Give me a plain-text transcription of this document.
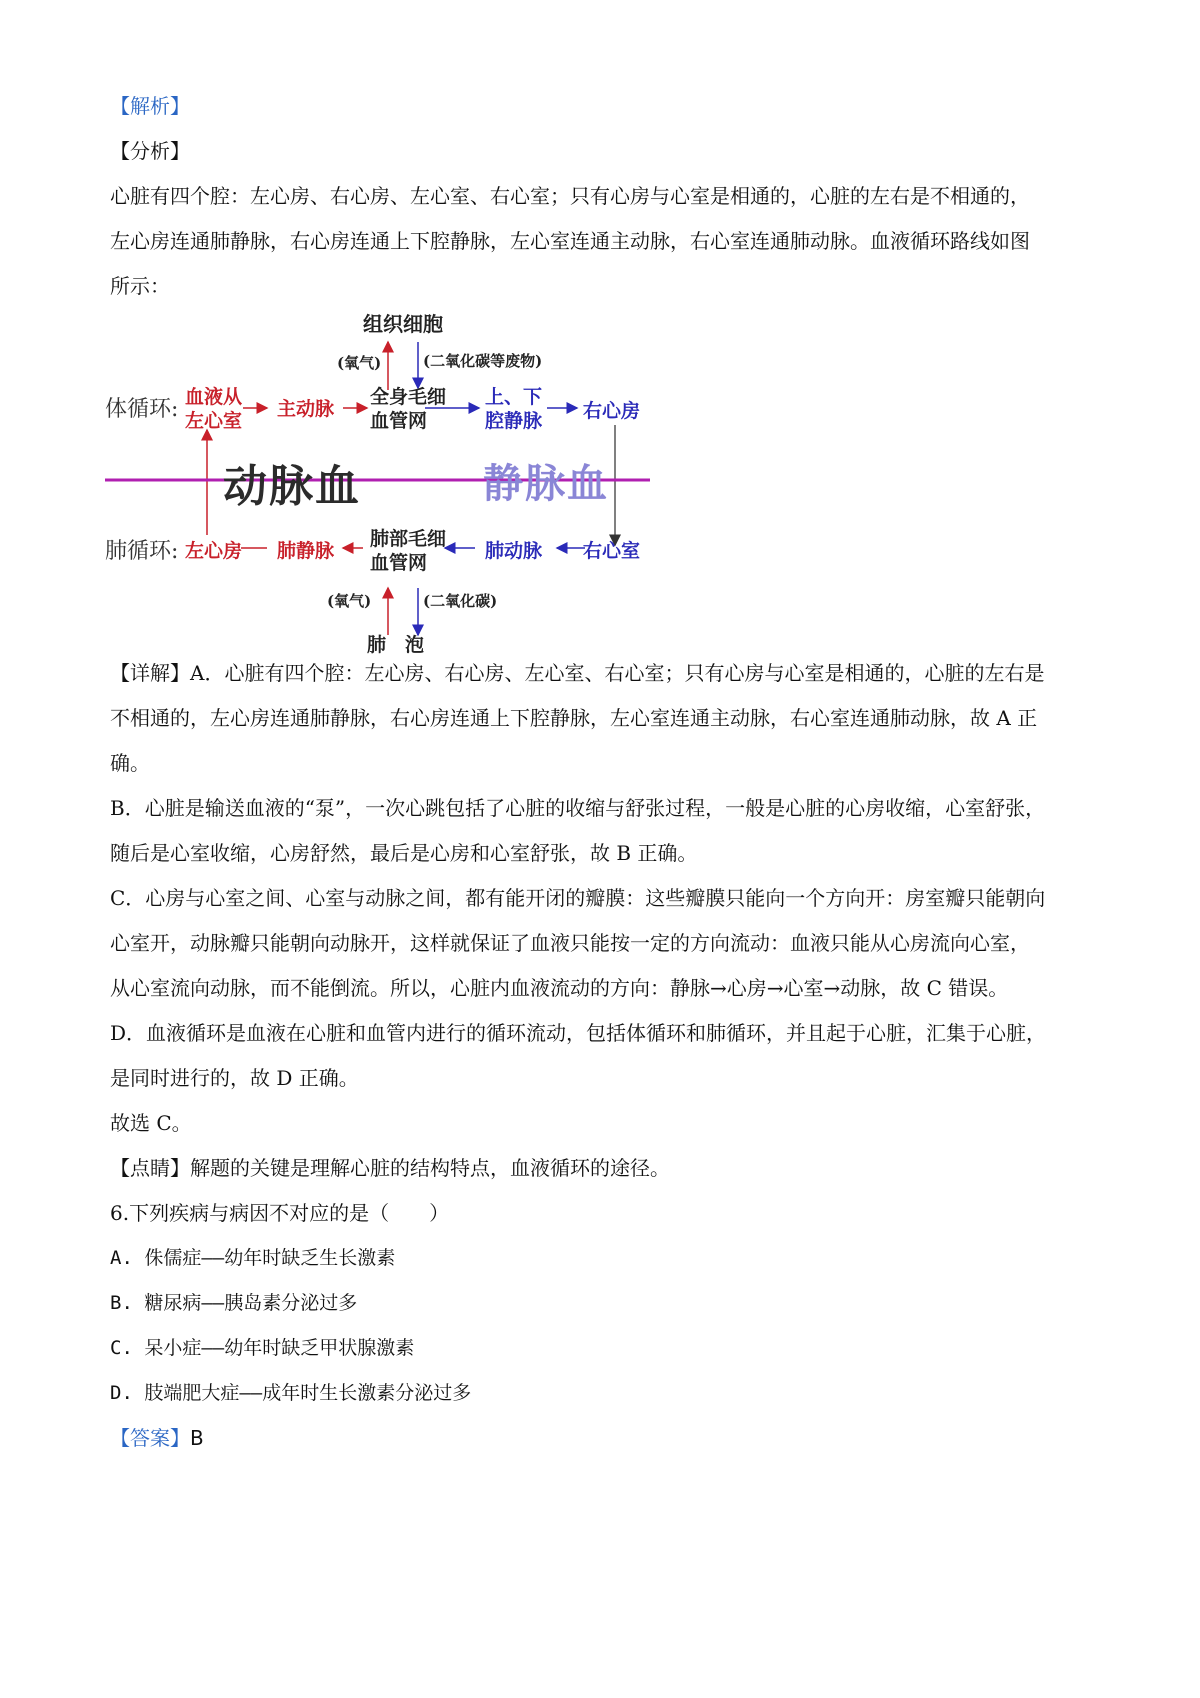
【解析】
【分析】
心脏有四个腔：左心房、右心房、左心室、右心室；只有心房与心室是相通的，心脏的左右是不相通的，
左心房连通肺静脉，右心房连通上下腔静脉，左心室连通主动脉，右心室连通肺动脉。血液循环路线如图
所示：
组织细胞
(氧气)	(二氧化碳等废物)
体循环: 血液从
左心室
主动脉
全身毛细
血管网
上、下
腔静脉 右心房
动脉血	静脉血
肺循环: 左心房 肺静脉
肺部毛细
血管网
肺动脉 右心室
(氧气)	(二氧化碳)
肺 泡
【详解】A．心脏有四个腔：左心房、右心房、左心室、右心室；只有心房与心室是相通的，心脏的左右是
不相通的，左心房连通肺静脉，右心房连通上下腔静脉，左心室连通主动脉，右心室连通肺动脉，故 A 正
确。
B．心脏是输送血液的“泵”，一次心跳包括了心脏的收缩与舒张过程，一般是心脏的心房收缩，心室舒张，
随后是心室收缩，心房舒然，最后是心房和心室舒张，故 B 正确。
C．心房与心室之间、心室与动脉之间，都有能开闭的瓣膜：这些瓣膜只能向一个方向开：房室瓣只能朝向
心室开，动脉瓣只能朝向动脉开，这样就保证了血液只能按一定的方向流动：血液只能从心房流向心室，
从心室流向动脉，而不能倒流。所以，心脏内血液流动的方向：静脉→心房→心室→动脉，故 C 错误。
D．血液循环是血液在心脏和血管内进行的循环流动，包括体循环和肺循环，并且起于心脏，汇集于心脏，
是同时进行的，故 D 正确。
故选 C。
【点睛】解题的关键是理解心脏的结构特点，血液循环的途径。
6.下列疾病与病因不对应的是（　　）
A. 侏儒症——幼年时缺乏生长激素
B. 糖尿病——胰岛素分泌过多
C. 呆小症——幼年时缺乏甲状腺激素
D. 肢端肥大症——成年时生长激素分泌过多
【答案】B
